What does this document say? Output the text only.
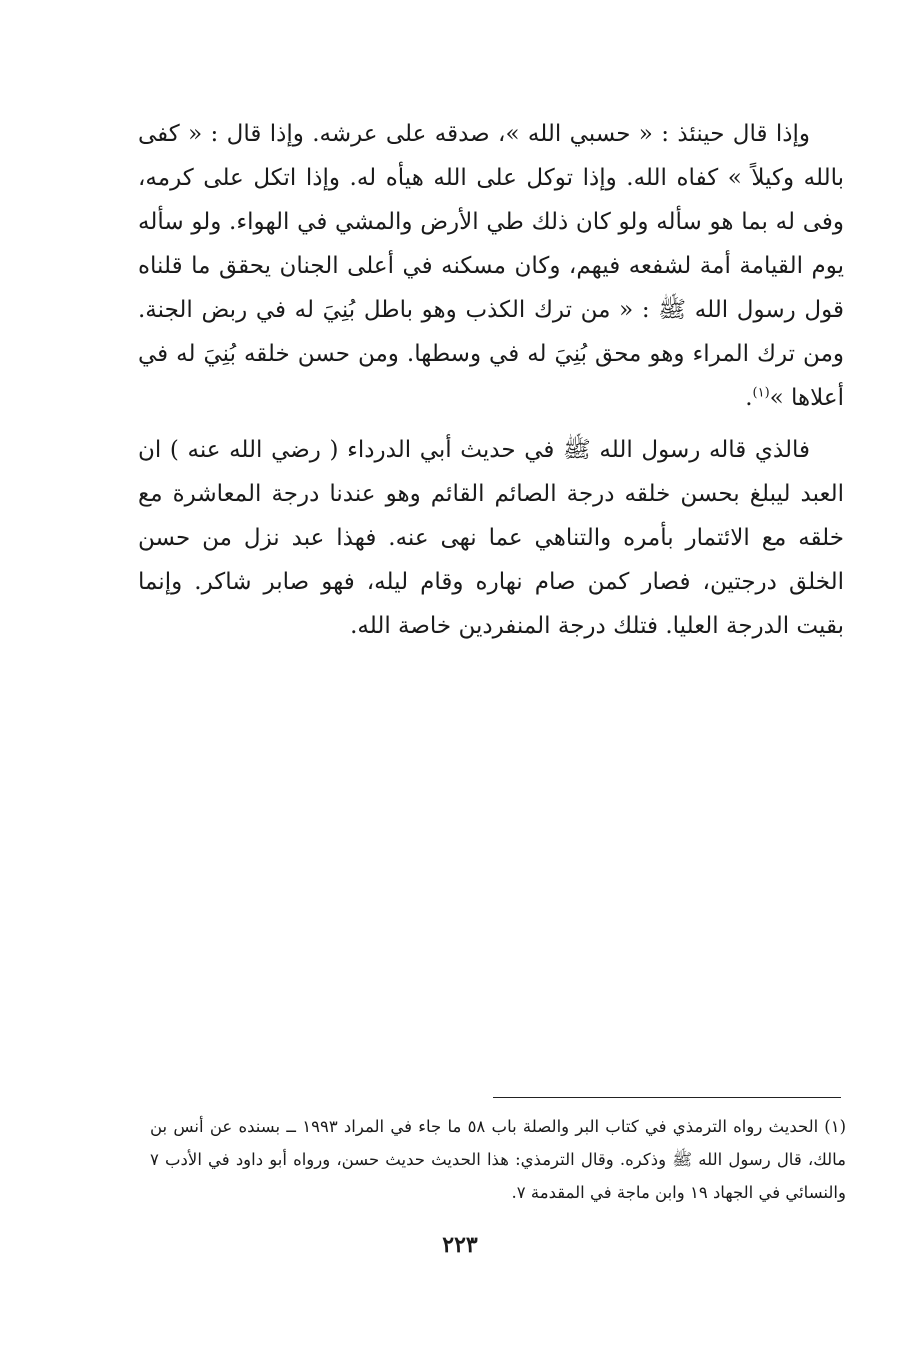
وإذا قال حينئذ : « حسبي الله »، صدقه على عرشه. وإذا قال : « كفى بالله وكيلاً » كفاه الله. وإذا توكل على الله هيأه له. وإذا اتكل على كرمه، وفى له بما هو سأله ولو كان ذلك طي الأرض والمشي في الهواء. ولو سأله يوم القيامة أمة لشفعه فيهم، وكان مسكنه في أعلى الجنان يحقق ما قلناه قول رسول الله ﷺ : « من ترك الكذب وهو باطل بُنِيَ له في ربض الجنة. ومن ترك المراء وهو محق بُنِيَ له في وسطها. ومن حسن خلقه بُنِيَ له في أعلاها »$^{(١)}$.

فالذي قاله رسول الله ﷺ في حديث أبي الدرداء ( رضي الله عنه ) ان العبد ليبلغ بحسن خلقه درجة الصائم القائم وهو عندنا درجة المعاشرة مع خلقه مع الائتمار بأمره والتناهي عما نهى عنه. فهذا عبد نزل من حسن الخلق درجتين، فصار كمن صام نهاره وقام ليله، فهو صابر شاكر. وإنما بقيت الدرجة العليا. فتلك درجة المنفردين خاصة الله.

(١)الحديث رواه الترمذي في كتاب البر والصلة باب ٥٨ ما جاء في المراد ١٩٩٣ ــ بسنده عن أنس بن مالك، قال رسول الله ﷺ وذكره. وقال الترمذي: هذا الحديث حديث حسن، ورواه أبو داود في الأدب ٧ والنسائي في الجهاد ١٩ وابن ماجة في المقدمة ٧.

٢٢٣
